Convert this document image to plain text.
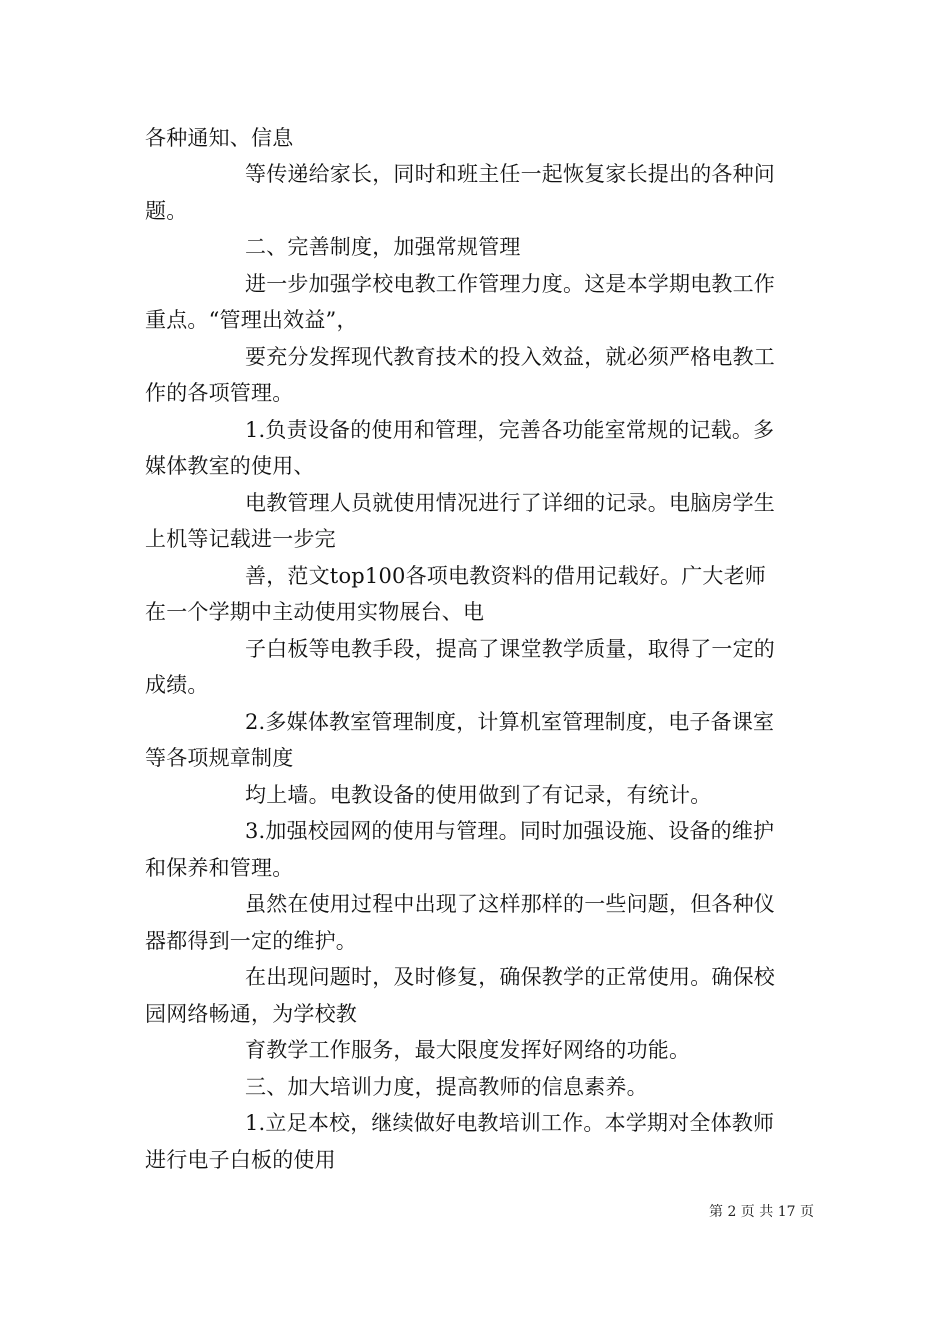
各种通知、信息
等传递给家长，同时和班主任一起恢复家长提出的各种问
题。
二、完善制度，加强常规管理
进一步加强学校电教工作管理力度。这是本学期电教工作
重点。“管理出效益”，
要充分发挥现代教育技术的投入效益，就必须严格电教工
作的各项管理。
1.负责设备的使用和管理，完善各功能室常规的记载。多
媒体教室的使用、
电教管理人员就使用情况进行了详细的记录。电脑房学生
上机等记载进一步完
善，范文top100各项电教资料的借用记载好。广大老师
在一个学期中主动使用实物展台、电
子白板等电教手段，提高了课堂教学质量，取得了一定的
成绩。
2.多媒体教室管理制度，计算机室管理制度，电子备课室
等各项规章制度
均上墙。电教设备的使用做到了有记录，有统计。
3.加强校园网的使用与管理。同时加强设施、设备的维护
和保养和管理。
虽然在使用过程中出现了这样那样的一些问题，但各种仪
器都得到一定的维护。
在出现问题时，及时修复，确保教学的正常使用。确保校
园网络畅通，为学校教
育教学工作服务，最大限度发挥好网络的功能。
三、加大培训力度，提高教师的信息素养。
1.立足本校，继续做好电教培训工作。本学期对全体教师
进行电子白板的使用
第 2 页 共 17 页
